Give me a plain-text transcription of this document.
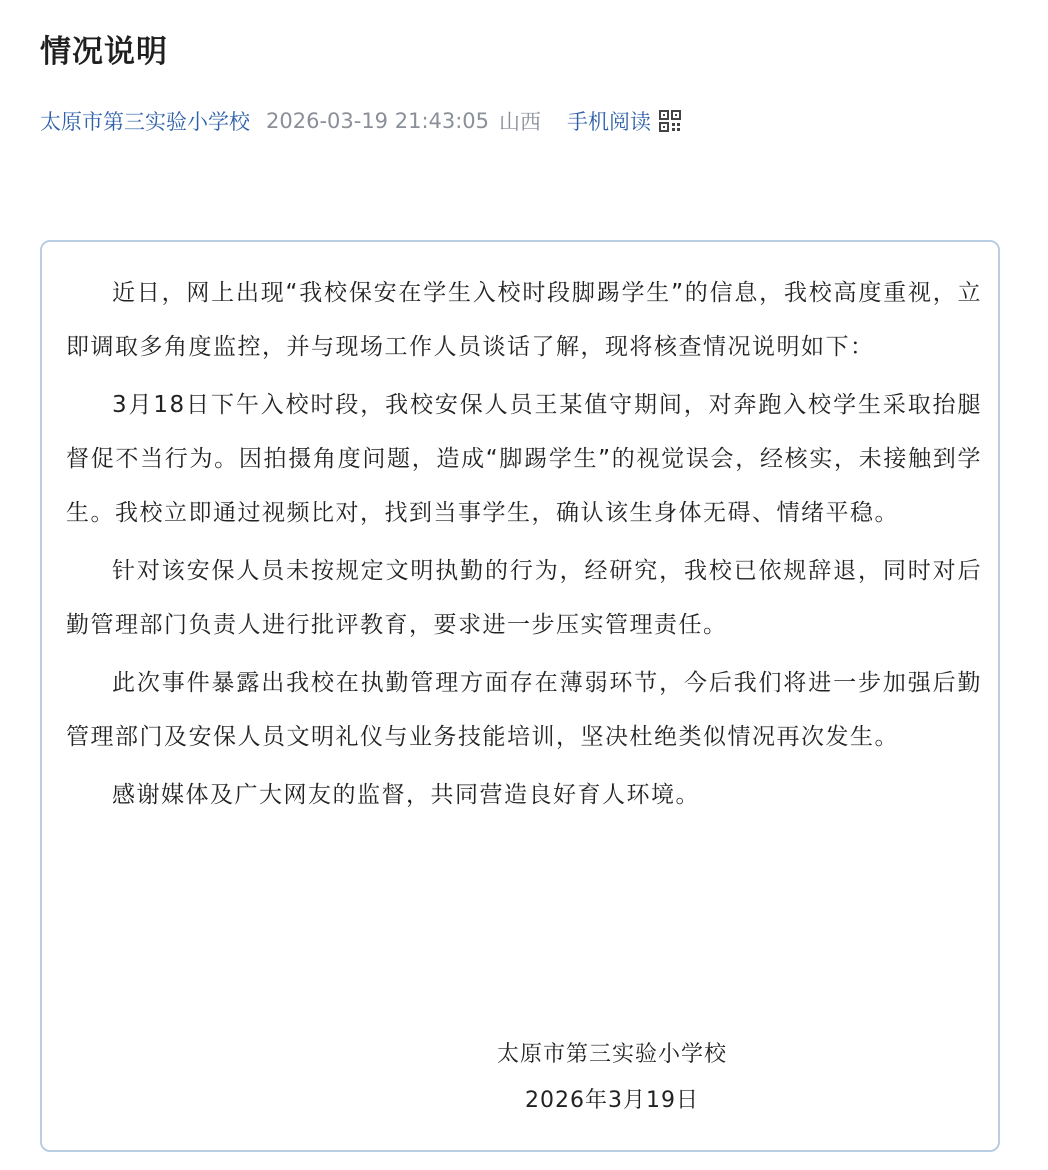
情况说明
太原市第三实验小学校 2026-03-19 21:43:05 山西 手机阅读

近日，网上出现“我校保安在学生入校时段脚踢学生”的信息，我校高度重视，立即调取多角度监控，并与现场工作人员谈话了解，现将核查情况说明如下：

3月18日下午入校时段，我校安保人员王某值守期间，对奔跑入校学生采取抬腿督促不当行为。因拍摄角度问题，造成“脚踢学生”的视觉误会，经核实，未接触到学生。我校立即通过视频比对，找到当事学生，确认该生身体无碍、情绪平稳。

针对该安保人员未按规定文明执勤的行为，经研究，我校已依规辞退，同时对后勤管理部门负责人进行批评教育，要求进一步压实管理责任。

此次事件暴露出我校在执勤管理方面存在薄弱环节，今后我们将进一步加强后勤管理部门及安保人员文明礼仪与业务技能培训，坚决杜绝类似情况再次发生。

感谢媒体及广大网友的监督，共同营造良好育人环境。

太原市第三实验小学校
2026年3月19日
